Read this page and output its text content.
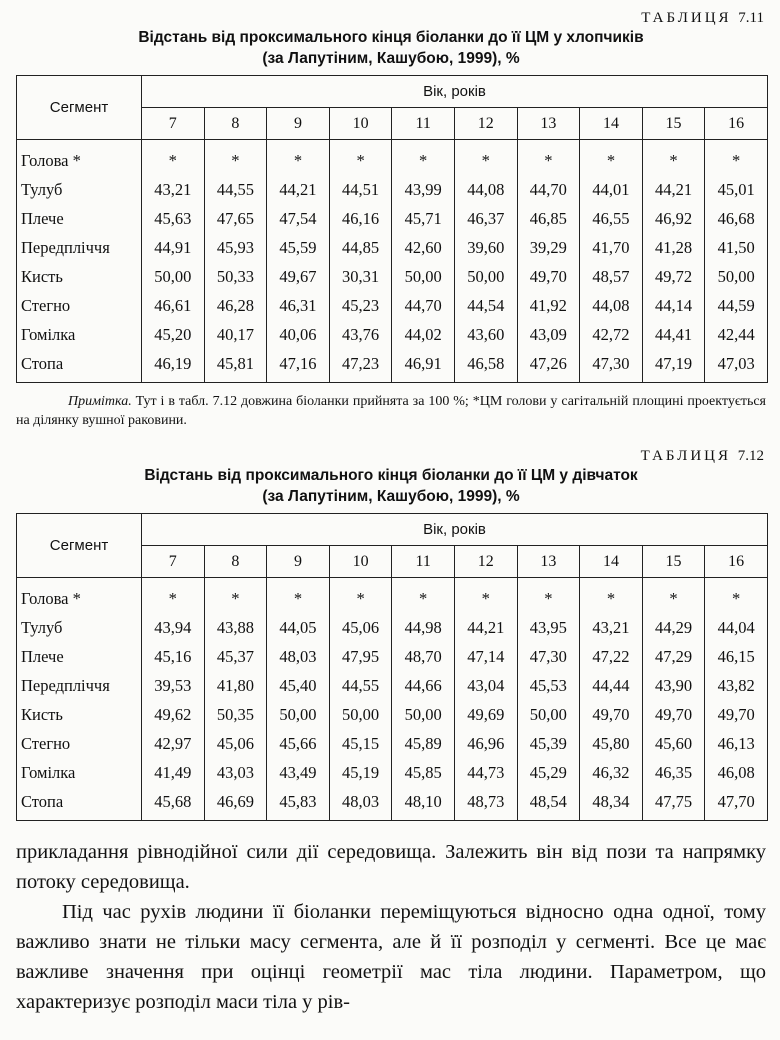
ТАБЛИЦЯ 7.11
Відстань від проксимального кінця біоланки до її ЦМ у хлопчиків
(за Лапутіним, Кашубою, 1999), %
Сегмент	Вік, років									
	7	8	9	10	11	12	13	14	15	16
Голова *	*	*	*	*	*	*	*	*	*	*
Тулуб	43,21	44,55	44,21	44,51	43,99	44,08	44,70	44,01	44,21	45,01
Плече	45,63	47,65	47,54	46,16	45,71	46,37	46,85	46,55	46,92	46,68
Передпліччя	44,91	45,93	45,59	44,85	42,60	39,60	39,29	41,70	41,28	41,50
Кисть	50,00	50,33	49,67	30,31	50,00	50,00	49,70	48,57	49,72	50,00
Стегно	46,61	46,28	46,31	45,23	44,70	44,54	41,92	44,08	44,14	44,59
Гомілка	45,20	40,17	40,06	43,76	44,02	43,60	43,09	42,72	44,41	42,44
Стопа	46,19	45,81	47,16	47,23	46,91	46,58	47,26	47,30	47,19	47,03
Примітка. Тут і в табл. 7.12 довжина біоланки прийнята за 100 %; *ЦМ голови у сагітальній площині проектується на ділянку вушної раковини.
ТАБЛИЦЯ 7.12
Відстань від проксимального кінця біоланки до її ЦМ у дівчаток
(за Лапутіним, Кашубою, 1999), %
Сегмент	Вік, років									
	7	8	9	10	11	12	13	14	15	16
Голова *	*	*	*	*	*	*	*	*	*	*
Тулуб	43,94	43,88	44,05	45,06	44,98	44,21	43,95	43,21	44,29	44,04
Плече	45,16	45,37	48,03	47,95	48,70	47,14	47,30	47,22	47,29	46,15
Передпліччя	39,53	41,80	45,40	44,55	44,66	43,04	45,53	44,44	43,90	43,82
Кисть	49,62	50,35	50,00	50,00	50,00	49,69	50,00	49,70	49,70	49,70
Стегно	42,97	45,06	45,66	45,15	45,89	46,96	45,39	45,80	45,60	46,13
Гомілка	41,49	43,03	43,49	45,19	45,85	44,73	45,29	46,32	46,35	46,08
Стопа	45,68	46,69	45,83	48,03	48,10	48,73	48,54	48,34	47,75	47,70

прикладання рівнодійної сили дії середовища. Залежить він від пози та напрямку потоку середовища.

Під час рухів людини її біоланки переміщуються відносно одна одної, тому важливо знати не тільки масу сегмента, але й її розподіл у сегменті. Все це має важливе значення при оцінці геометрії мас тіла людини. Параметром, що характеризує розподіл маси тіла у рів-
